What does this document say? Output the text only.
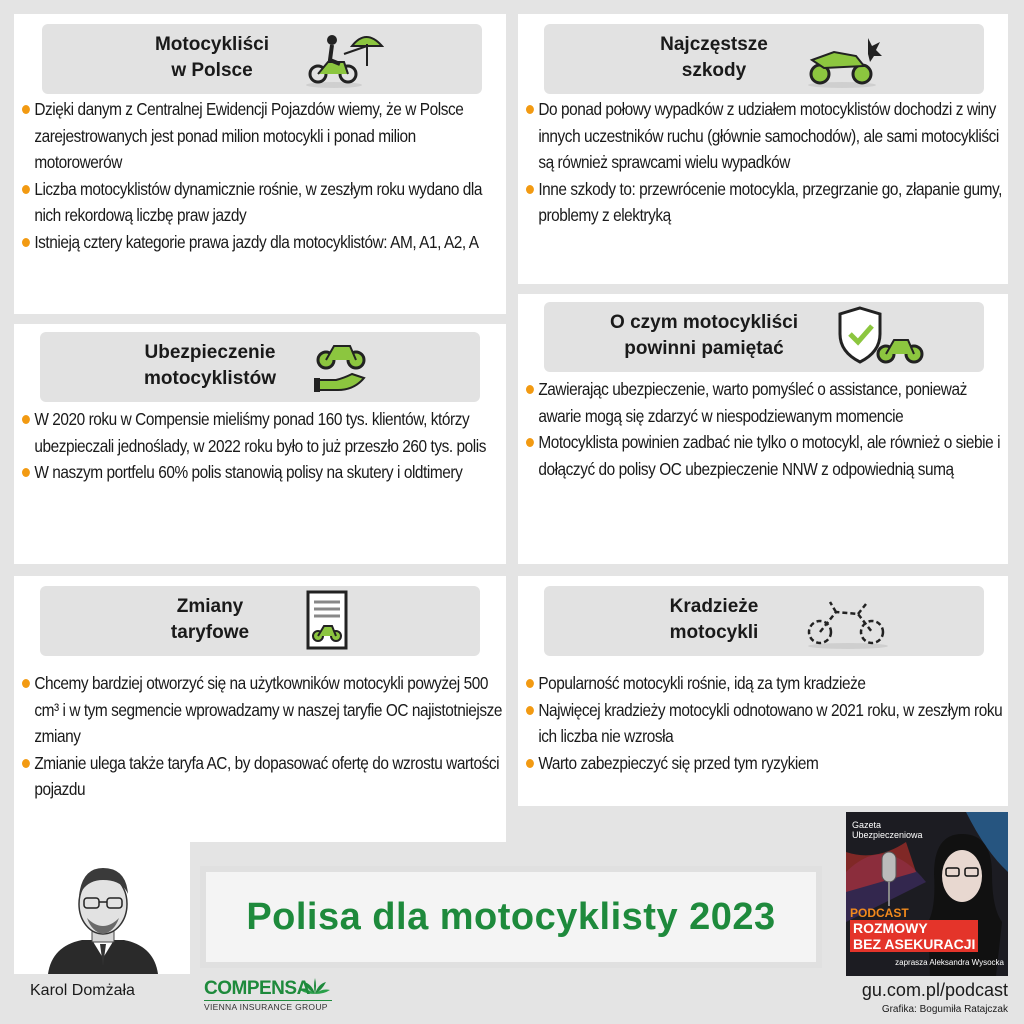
Motocykliści
w Polsce
Dzięki danym z Centralnej Ewidencji Pojazdów wiemy, że w Polsce zarejestrowanych jest ponad milion motocykli i ponad milion motorowerów
Liczba motocyklistów dynamicznie rośnie, w zeszłym roku wydano dla nich rekordową liczbę praw jazdy
Istnieją cztery kategorie prawa jazdy dla motocyklistów: AM, A1, A2, A
Najczęstsze
szkody
Do ponad połowy wypadków z udziałem motocyklistów dochodzi z winy innych uczestników ruchu (głównie samochodów), ale sami motocykliści są również sprawcami wielu wypadków
Inne szkody to: przewrócenie motocykla, przegrzanie go, złapanie gumy, problemy z elektryką
Ubezpieczenie
motocyklistów
W 2020 roku w Compensie mieliśmy ponad 160 tys. klientów, którzy ubezpieczali jednoślady, w 2022 roku było to już przeszło 260 tys. polis
W naszym portfelu 60% polis stanowią polisy na skutery i oldtimery
O czym motocykliści
powinni pamiętać
Zawierając ubezpieczenie, warto pomyśleć o assistance, ponieważ awarie mogą się zdarzyć w niespodziewanym momencie
Motocyklista powinien zadbać nie tylko o motocykl, ale również o siebie i dołączyć do polisy OC ubezpieczenie NNW z odpowiednią sumą
Zmiany
taryfowe
Chcemy bardziej otworzyć się na użytkowników motocykli powyżej 500 cm³ i w tym segmencie wprowadzamy w naszej taryfie OC najistotniejsze zmiany
Zmianie ulega także taryfa AC, by dopasować ofertę do wzrostu wartości pojazdu
Kradzieże
motocykli
Popularność motocykli rośnie, idą za tym kradzieże
Najwięcej kradzieży motocykli odnotowano w 2021 roku, w zeszłym roku ich liczba nie wzrosła
Warto zabezpieczyć się przed tym ryzykiem
Polisa dla motocyklisty 2023
Gazeta
Ubezpieczeniowa
PODCAST
ROZMOWY
BEZ ASEKURACJI
zaprasza Aleksandra Wysocka
Karol Domżała	COMPENSA
VIENNA INSURANCE GROUP
gu.com.pl/podcast
Grafika: Bogumiła Ratajczak
